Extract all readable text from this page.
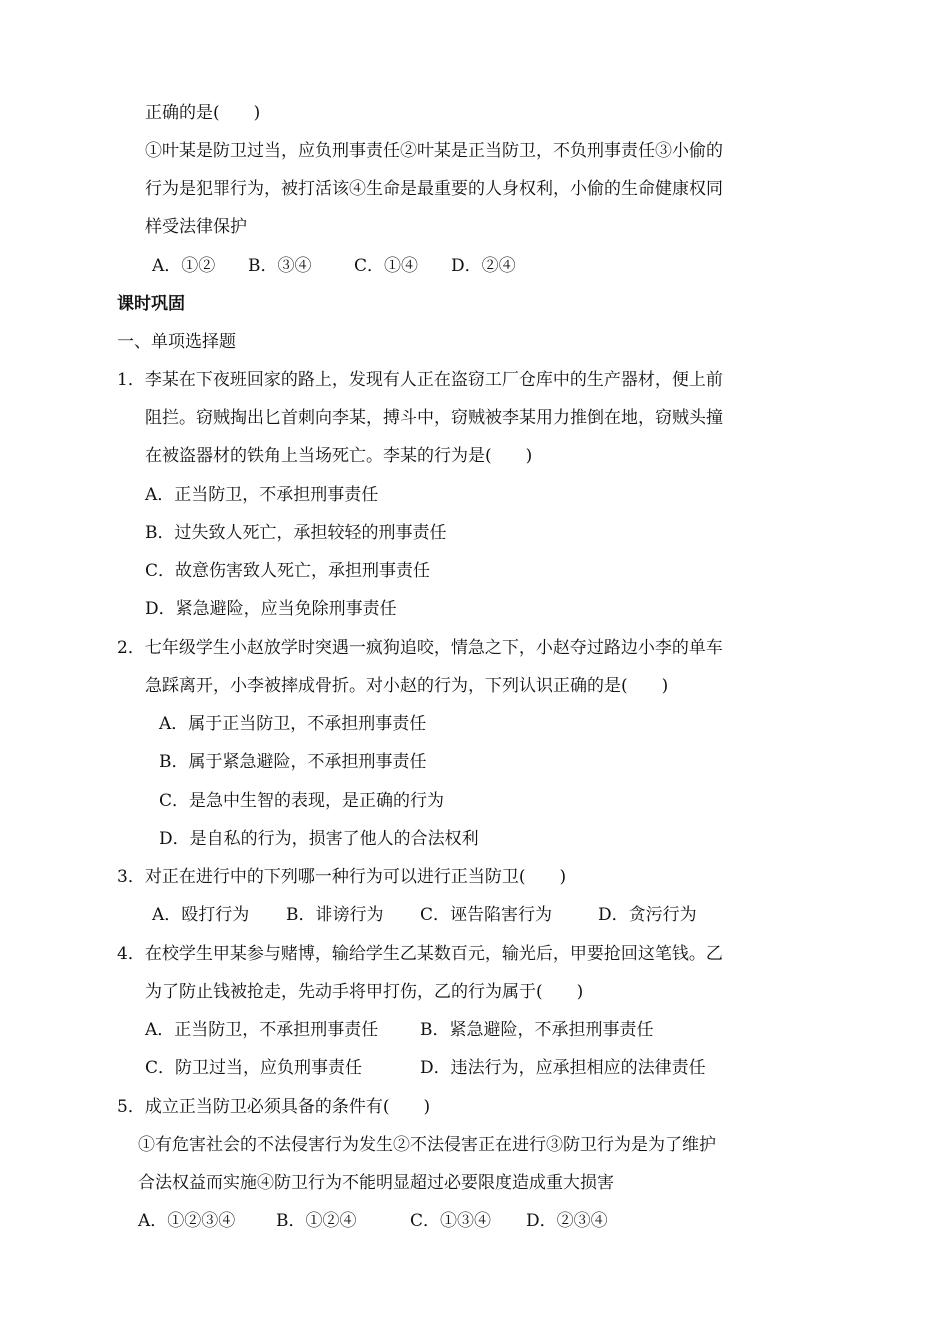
正确的是(　　)
①叶某是防卫过当，应负刑事责任②叶某是正当防卫，不负刑事责任③小偷的
行为是犯罪行为，被打活该④生命是最重要的人身权利，小偷的生命健康权同
样受法律保护
A．①② B．③④	C．①④ D．②④
课时巩固
一、单项选择题
1．李某在下夜班回家的路上，发现有人正在盗窃工厂仓库中的生产器材，便上前
阻拦。窃贼掏出匕首刺向李某，搏斗中，窃贼被李某用力推倒在地，窃贼头撞
在被盗器材的铁角上当场死亡。李某的行为是(　　)
A．正当防卫，不承担刑事责任
B．过失致人死亡，承担较轻的刑事责任
C．故意伤害致人死亡，承担刑事责任
D．紧急避险，应当免除刑事责任
2．七年级学生小赵放学时突遇一疯狗追咬，情急之下，小赵夺过路边小李的单车
急踩离开，小李被摔成骨折。对小赵的行为，下列认识正确的是(　　)
A．属于正当防卫，不承担刑事责任
B．属于紧急避险，不承担刑事责任
C．是急中生智的表现，是正确的行为
D．是自私的行为，损害了他人的合法权利
3．对正在进行中的下列哪一种行为可以进行正当防卫(　　)
A．殴打行为 B．诽谤行为 C．诬告陷害行为	D．贪污行为
4．在校学生甲某参与赌博，输给学生乙某数百元，输光后，甲要抢回这笔钱。乙
为了防止钱被抢走，先动手将甲打伤，乙的行为属于(　　)
A．正当防卫，不承担刑事责任 B．紧急避险，不承担刑事责任
C．防卫过当，应负刑事责任	D．违法行为，应承担相应的法律责任
5．成立正当防卫必须具备的条件有(　　)
①有危害社会的不法侵害行为发生②不法侵害正在进行③防卫行为是为了维护
合法权益而实施④防卫行为不能明显超过必要限度造成重大损害
A．①②③④ B．①②④	C．①③④ D．②③④
